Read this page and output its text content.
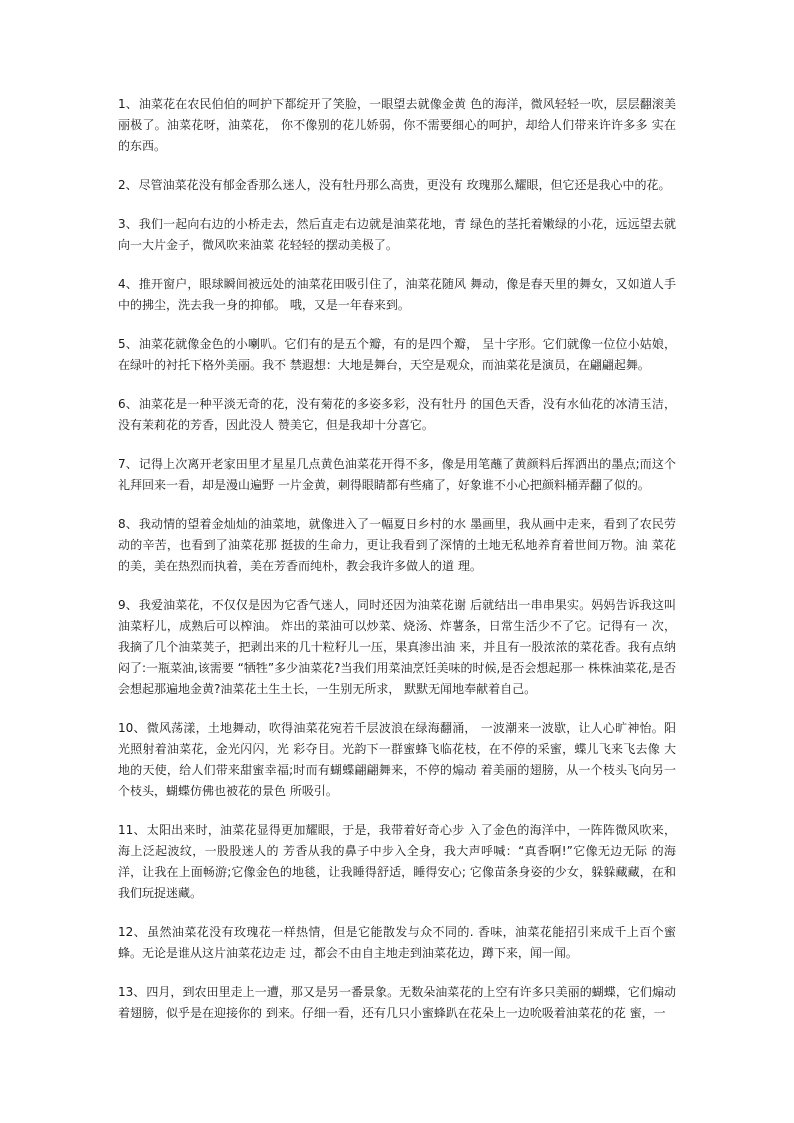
1、油菜花在农民伯伯的呵护下都绽开了笑脸，一眼望去就像金黄 色的海洋，微风轻轻一吹，层层翻滚美丽极了。油菜花呀，油菜花， 你不像别的花儿娇弱，你不需要细心的呵护，却给人们带来许许多多 实在的东西。

2、尽管油菜花没有郁金香那么迷人，没有牡丹那么高贵，更没有 玫瑰那么耀眼，但它还是我心中的花。

3、我们一起向右边的小桥走去，然后直走右边就是油菜花地，青 绿色的茎托着嫩绿的小花，远远望去就向一大片金子，微风吹来油菜 花轻轻的摆动美极了。

4、推开窗户，眼球瞬间被远处的油菜花田吸引住了，油菜花随风 舞动，像是春天里的舞女，又如道人手中的拂尘，洗去我一身的抑郁。 哦，又是一年春来到。

5、油菜花就像金色的小喇叭。它们有的是五个瓣，有的是四个瓣， 呈十字形。它们就像一位位小姑娘，在绿叶的衬托下格外美丽。我不 禁遐想：大地是舞台，天空是观众，而油菜花是演员，在翩翩起舞。

6、油菜花是一种平淡无奇的花，没有菊花的多姿多彩，没有牡丹 的国色天香，没有水仙花的冰清玉洁，没有茉莉花的芳香，因此没人 赞美它，但是我却十分喜它。

7、记得上次离开老家田里才星星几点黄色油菜花开得不多，像是用笔蘸了黄颜料后挥洒出的墨点;而这个礼拜回来一看，却是漫山遍野 一片金黄，刺得眼睛都有些痛了，好象谁不小心把颜料桶弄翻了似的。

8、我动情的望着金灿灿的油菜地，就像进入了一幅夏日乡村的水 墨画里，我从画中走来，看到了农民劳动的辛苦，也看到了油菜花那 挺拔的生命力，更让我看到了深情的土地无私地养育着世间万物。油 菜花的美，美在热烈而执着，美在芳香而纯朴，教会我许多做人的道 理。

9、我爱油菜花，不仅仅是因为它香气迷人，同时还因为油菜花谢 后就结出一串串果实。妈妈告诉我这叫油菜籽儿，成熟后可以榨油。 炸出的菜油可以炒菜、烧汤、炸薯条，日常生活少不了它。记得有一 次，我摘了几个油菜荚子，把剥出来的几十粒籽儿一压，果真渗出油 来，并且有一股浓浓的菜花香。我有点纳闷了:一瓶菜油,该需要 “牺牲”多少油菜花?当我们用菜油烹饪美味的时候,是否会想起那一 株株油菜花,是否会想起那遍地金黄?油菜花土生土长，一生别无所求， 默默无闻地奉献着自己。

10、微风荡漾，土地舞动，吹得油菜花宛若千层波浪在绿海翻涌， 一波潮来一波歇，让人心旷神怡。阳光照射着油菜花，金光闪闪，光 彩夺目。光韵下一群蜜蜂飞临花枝，在不停的采蜜，蝶儿飞来飞去像 大地的天使，给人们带来甜蜜幸福;时而有蝴蝶翩翩舞来，不停的煽动 着美丽的翅膀，从一个枝头飞向另一个枝头，蝴蝶仿佛也被花的景色 所吸引。

11、太阳出来时，油菜花显得更加耀眼，于是，我带着好奇心步 入了金色的海洋中，一阵阵微风吹来，海上泛起波纹，一股股迷人的 芳香从我的鼻子中步入全身，我大声呼喊：“真香啊!”它像无边无际 的海洋，让我在上面畅游;它像金色的地毯，让我睡得舒适，睡得安心; 它像苗条身姿的少女，躲躲藏藏，在和我们玩捉迷藏。

12、虽然油菜花没有玫瑰花一样热情，但是它能散发与众不同的. 香味，油菜花能招引来成千上百个蜜蜂。无论是谁从这片油菜花边走 过，都会不由自主地走到油菜花边，蹲下来，闻一闻。

13、四月，到农田里走上一遭，那又是另一番景象。无数朵油菜花的上空有许多只美丽的蝴蝶，它们煽动着翅膀，似乎是在迎接你的 到来。仔细一看，还有几只小蜜蜂趴在花朵上一边吮吸着油菜花的花 蜜，一
